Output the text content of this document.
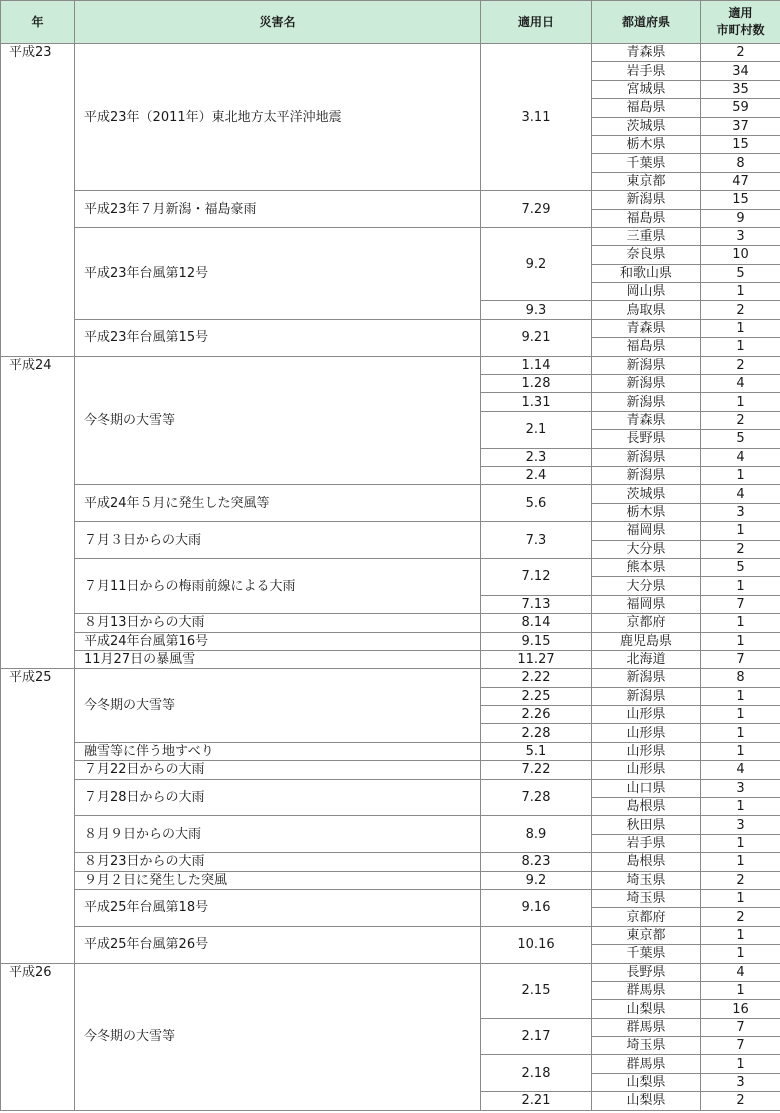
年	災害名	適用日	都道府県	適用
市町村数

平成23	平成23年（2011年）東北地方太平洋沖地震	3.11	青森県	2
			岩手県	34
			宮城県	35
			福島県	59
			茨城県	37
			栃木県	15
			千葉県	8
			東京都	47
	平成23年７月新潟・福島豪雨	7.29	新潟県	15
			福島県	9
	平成23年台風第12号	9.2	三重県	3
			奈良県	10
			和歌山県	5
			岡山県	1
		9.3	鳥取県	2
	平成23年台風第15号	9.21	青森県	1
			福島県	1
平成24	今冬期の大雪等	1.14	新潟県	2
		1.28	新潟県	4
		1.31	新潟県	1
		2.1	青森県	2
			長野県	5
		2.3	新潟県	4
		2.4	新潟県	1
	平成24年５月に発生した突風等	5.6	茨城県	4
			栃木県	3
	７月３日からの大雨	7.3	福岡県	1
			大分県	2
	７月11日からの梅雨前線による大雨	7.12	熊本県	5
			大分県	1
		7.13	福岡県	7
	８月13日からの大雨	8.14	京都府	1
	平成24年台風第16号	9.15	鹿児島県	1
	11月27日の暴風雪	11.27	北海道	7
平成25	今冬期の大雪等	2.22	新潟県	8
		2.25	新潟県	1
		2.26	山形県	1
		2.28	山形県	1
	融雪等に伴う地すべり	5.1	山形県	1
	７月22日からの大雨	7.22	山形県	4
	７月28日からの大雨	7.28	山口県	3
			島根県	1
	８月９日からの大雨	8.9	秋田県	3
			岩手県	1
	８月23日からの大雨	8.23	島根県	1
	９月２日に発生した突風	9.2	埼玉県	2
	平成25年台風第18号	9.16	埼玉県	1
			京都府	2
	平成25年台風第26号	10.16	東京都	1
			千葉県	1
平成26	今冬期の大雪等	2.15	長野県	4
			群馬県	1
			山梨県	16
		2.17	群馬県	7
			埼玉県	7
		2.18	群馬県	1
			山梨県	3
		2.21	山梨県	2
